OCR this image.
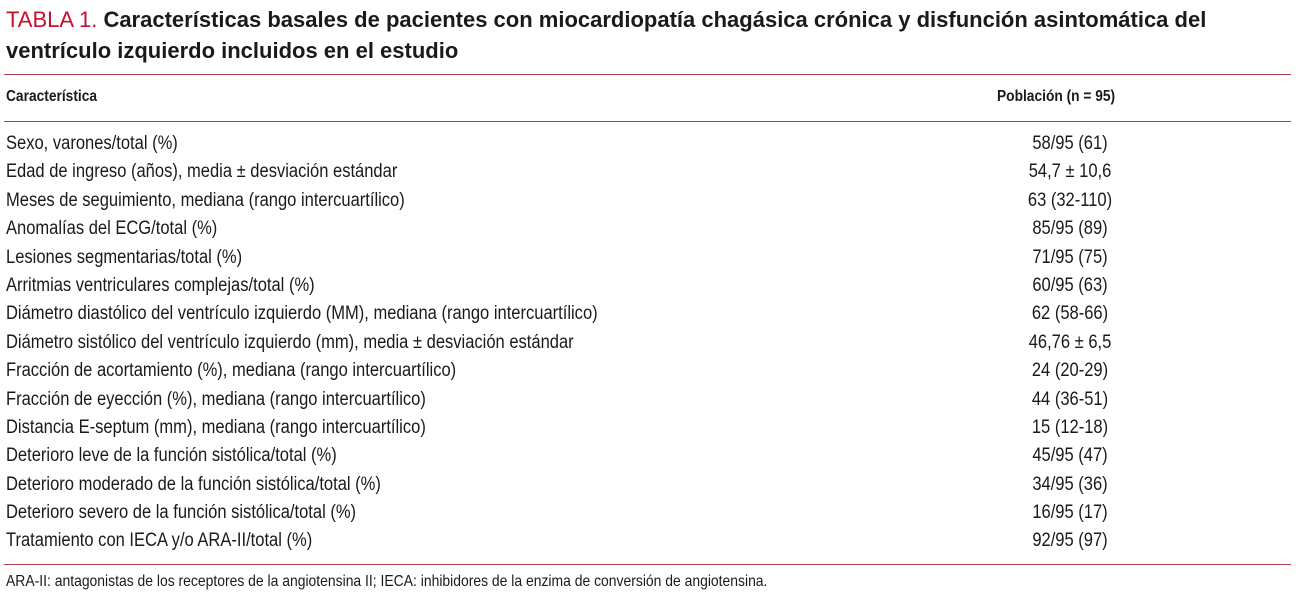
TABLA 1. Características basales de pacientes con miocardiopatía chagásica crónica y disfunción asintomática del ventrículo izquierdo incluidos en el estudio
Característica	Población (n = 95)
Sexo, varones/total (%)	58/95 (61)
Edad de ingreso (años), media ± desviación estándar	54,7 ± 10,6
Meses de seguimiento, mediana (rango intercuartílico)	63 (32-110)
Anomalías del ECG/total (%)	85/95 (89)
Lesiones segmentarias/total (%)	71/95 (75)
Arritmias ventriculares complejas/total (%)	60/95 (63)
Diámetro diastólico del ventrículo izquierdo (MM), mediana (rango intercuartílico)	62 (58-66)
Diámetro sistólico del ventrículo izquierdo (mm), media ± desviación estándar	46,76 ± 6,5
Fracción de acortamiento (%), mediana (rango intercuartílico)	24 (20-29)
Fracción de eyección (%), mediana (rango intercuartílico)	44 (36-51)
Distancia E-septum (mm), mediana (rango intercuartílico)	15 (12-18)
Deterioro leve de la función sistólica/total (%)	45/95 (47)
Deterioro moderado de la función sistólica/total (%)	34/95 (36)
Deterioro severo de la función sistólica/total (%)	16/95 (17)
Tratamiento con IECA y/o ARA-II/total (%)	92/95 (97)
ARA-II: antagonistas de los receptores de la angiotensina II; IECA: inhibidores de la enzima de conversión de angiotensina.
